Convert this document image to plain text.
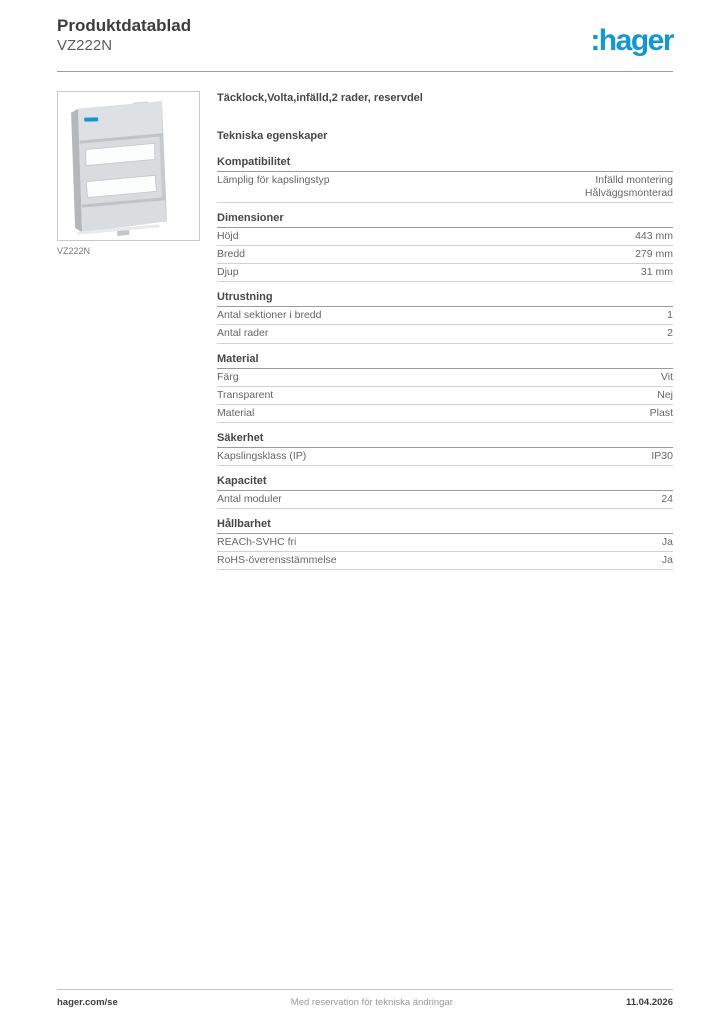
Produktdatablad
VZ222N	:hager
VZ222N
Täcklock,Volta,infälld,2 rader, reservdel
Tekniska egenskaper
Kompatibilitet
Lämplig för kapslingstyp	Infälld montering
Hålväggsmonterad
Dimensioner
Höjd	443 mm
Bredd	279 mm
Djup	31 mm
Utrustning
Antal sektioner i bredd	1
Antal rader	2
Material
Färg	Vit
Transparent	Nej
Material	Plast
Säkerhet
Kapslingsklass (IP)	IP30
Kapacitet
Antal moduler	24
Hållbarhet
REACh-SVHC fri	Ja
RoHS-överensstämmelse	Ja
hager.com/se	Med reservation för tekniska ändringar	11.04.2026
